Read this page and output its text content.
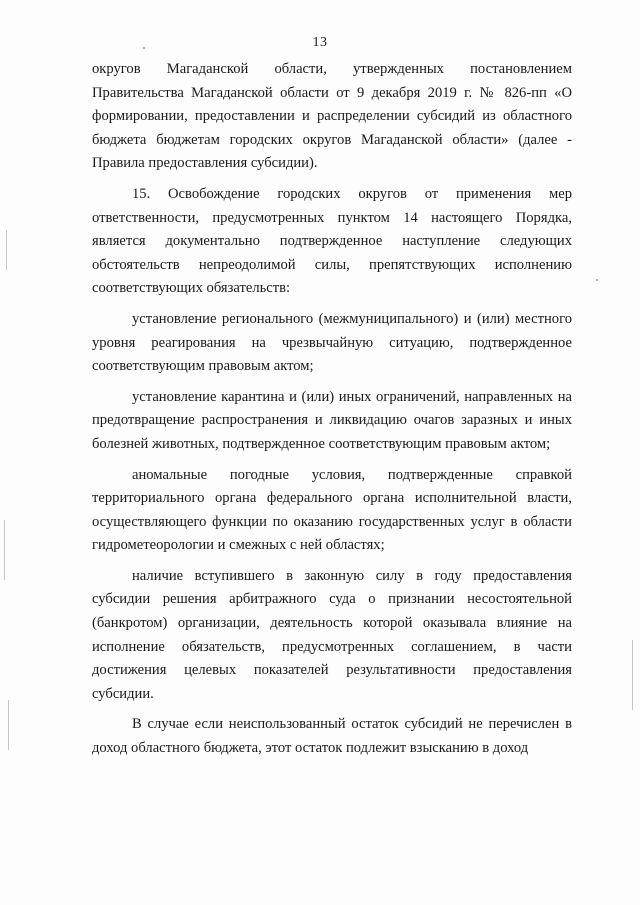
13

округов Магаданской области, утвержденных постановлением Правительства Магаданской области от 9 декабря 2019 г. № 826-пп «О формировании, предоставлении и распределении субсидий из областного бюджета бюджетам городских округов Магаданской области» (далее - Правила предоставления субсидии).

15. Освобождение городских округов от применения мер ответственности, предусмотренных пунктом 14 настоящего Порядка, является документально подтвержденное наступление следующих обстоятельств непреодолимой силы, препятствующих исполнению соответствующих обязательств:

установление регионального (межмуниципального) и (или) местного уровня реагирования на чрезвычайную ситуацию, подтвержденное соответствующим правовым актом;

установление карантина и (или) иных ограничений, направленных на предотвращение распространения и ликвидацию очагов заразных и иных болезней животных, подтвержденное соответствующим правовым актом;

аномальные погодные условия, подтвержденные справкой территориального органа федерального органа исполнительной власти, осуществляющего функции по оказанию государственных услуг в области гидрометеорологии и смежных с ней областях;

наличие вступившего в законную силу в году предоставления субсидии решения арбитражного суда о признании несостоятельной (банкротом) организации, деятельность которой оказывала влияние на исполнение обязательств, предусмотренных соглашением, в части достижения целевых показателей результативности предоставления субсидии.

В случае если неиспользованный остаток субсидий не перечислен в доход областного бюджета, этот остаток подлежит взысканию в доход
